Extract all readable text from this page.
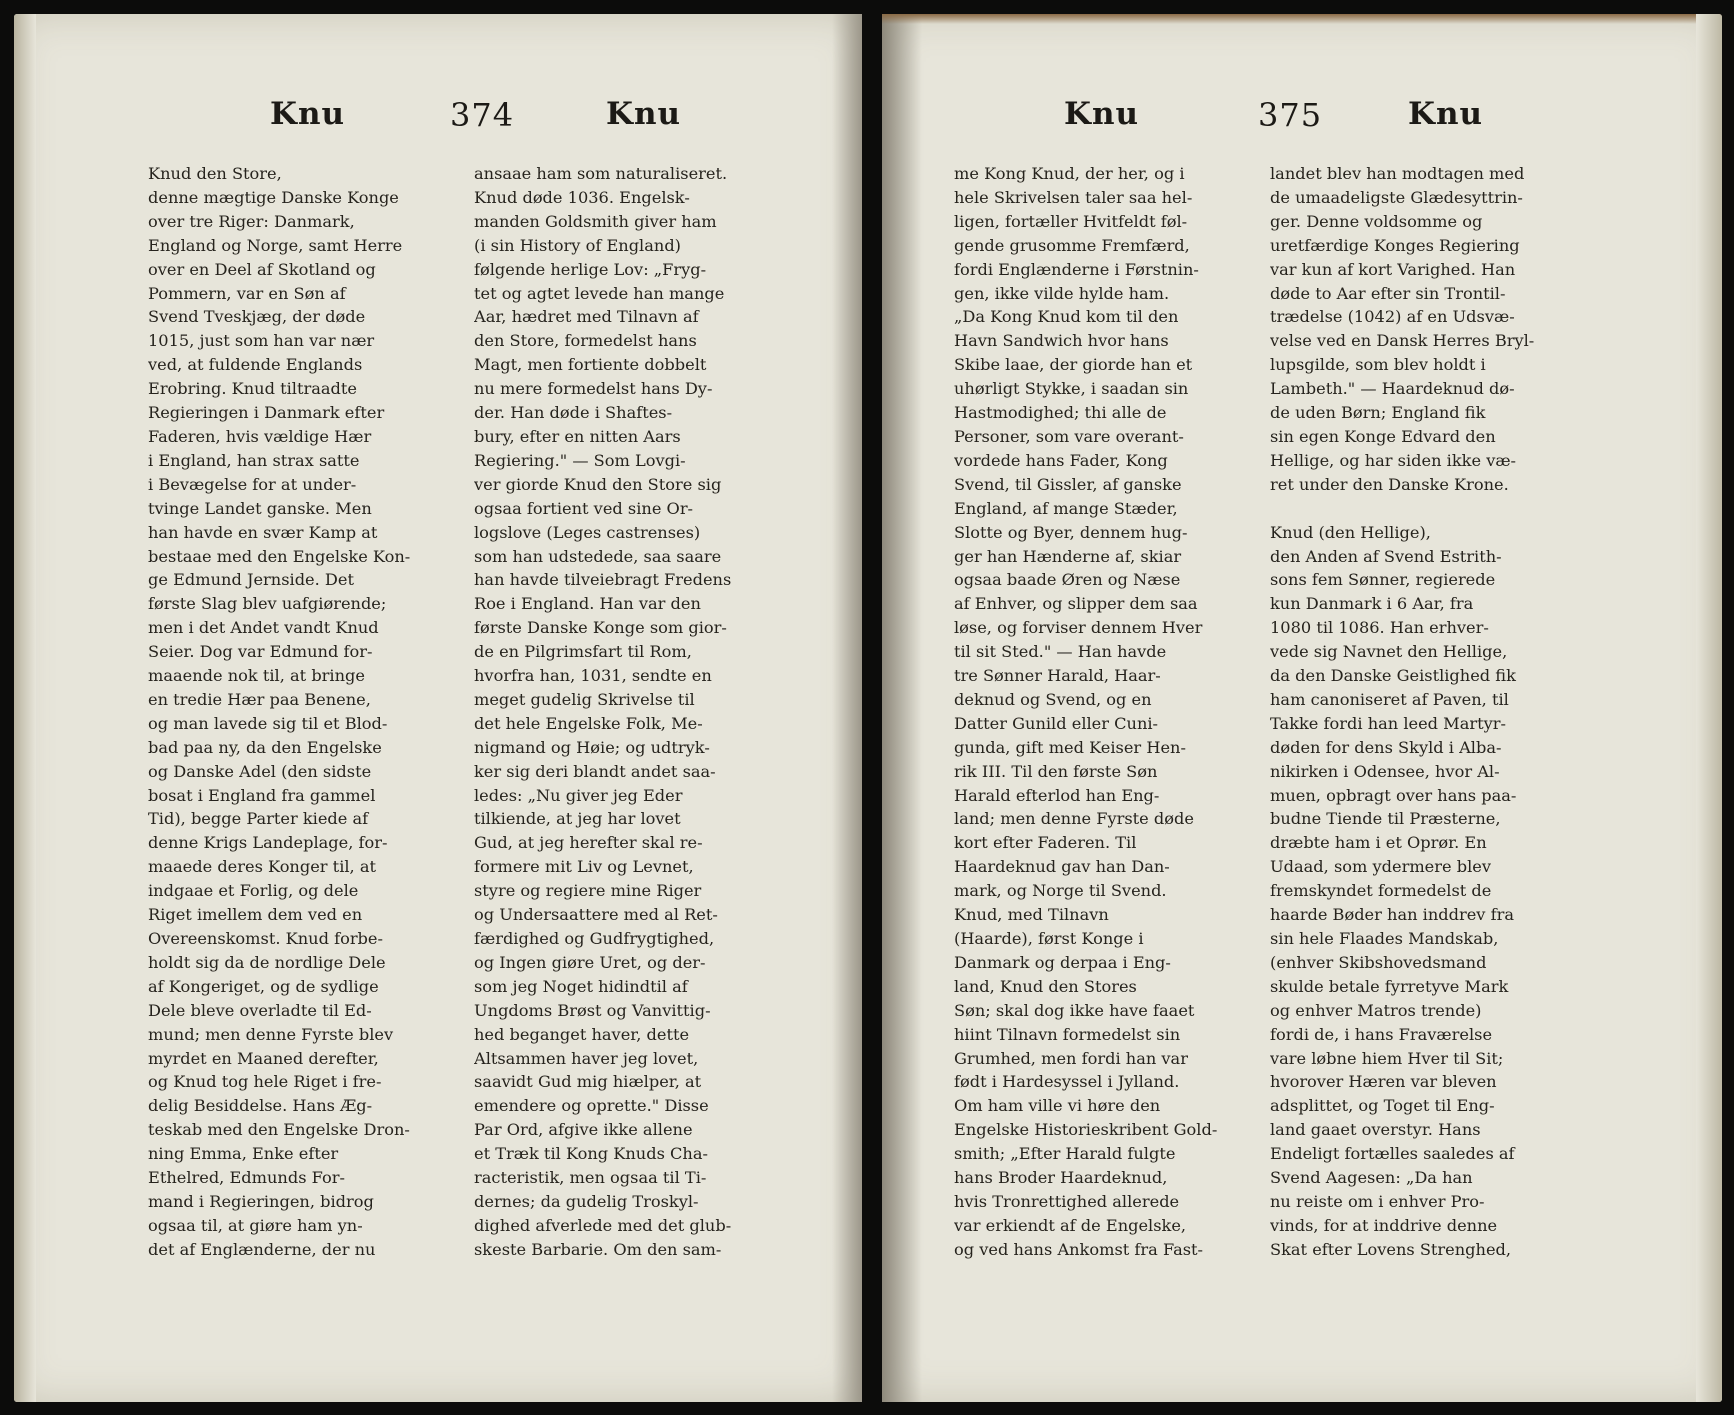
Knu	374	Knu
Knud den Store,
denne mægtige Danske Konge
over tre Riger: Danmark,
England og Norge, samt Herre
over en Deel af Skotland og
Pommern, var en Søn af
Svend Tveskjæg, der døde
1015, just som han var nær
ved, at fuldende Englands
Erobring. Knud tiltraadte
Regieringen i Danmark efter
Faderen, hvis vældige Hær
i England, han strax satte
i Bevægelse for at under-
tvinge Landet ganske. Men
han havde en svær Kamp at
bestaae med den Engelske Kon-
ge Edmund Jernside. Det
første Slag blev uafgiørende;
men i det Andet vandt Knud
Seier. Dog var Edmund for-
maaende nok til, at bringe
en tredie Hær paa Benene,
og man lavede sig til et Blod-
bad paa ny, da den Engelske
og Danske Adel (den sidste
bosat i England fra gammel
Tid), begge Parter kiede af
denne Krigs Landeplage, for-
maaede deres Konger til, at
indgaae et Forlig, og dele
Riget imellem dem ved en
Overeenskomst. Knud forbe-
holdt sig da de nordlige Dele
af Kongeriget, og de sydlige
Dele bleve overladte til Ed-
mund; men denne Fyrste blev
myrdet en Maaned derefter,
og Knud tog hele Riget i fre-
delig Besiddelse. Hans Æg-
teskab med den Engelske Dron-
ning Emma, Enke efter
Ethelred, Edmunds For-
mand i Regieringen, bidrog
ogsaa til, at giøre ham yn-
det af Englænderne, der nu
ansaae ham som naturaliseret.
Knud døde 1036. Engelsk-
manden Goldsmith giver ham
(i sin History of England)
følgende herlige Lov: „Fryg-
tet og agtet levede han mange
Aar, hædret med Tilnavn af
den Store, formedelst hans
Magt, men fortiente dobbelt
nu mere formedelst hans Dy-
der. Han døde i Shaftes-
bury, efter en nitten Aars
Regiering." — Som Lovgi-
ver giorde Knud den Store sig
ogsaa fortient ved sine Or-
logslove (Leges castrenses)
som han udstedede, saa saare
han havde tilveiebragt Fredens
Roe i England. Han var den
første Danske Konge som gior-
de en Pilgrimsfart til Rom,
hvorfra han, 1031, sendte en
meget gudelig Skrivelse til
det hele Engelske Folk, Me-
nigmand og Høie; og udtryk-
ker sig deri blandt andet saa-
ledes: „Nu giver jeg Eder
tilkiende, at jeg har lovet
Gud, at jeg herefter skal re-
formere mit Liv og Levnet,
styre og regiere mine Riger
og Undersaattere med al Ret-
færdighed og Gudfrygtighed,
og Ingen giøre Uret, og der-
som jeg Noget hidindtil af
Ungdoms Brøst og Vanvittig-
hed beganget haver, dette
Altsammen haver jeg lovet,
saavidt Gud mig hiælper, at
emendere og oprette." Disse
Par Ord, afgive ikke allene
et Træk til Kong Knuds Cha-
racteristik, men ogsaa til Ti-
dernes; da gudelig Troskyl-
dighed afverlede med det glub-
skeste Barbarie. Om den sam-
Knu	375	Knu
me Kong Knud, der her, og i
hele Skrivelsen taler saa hel-
ligen, fortæller Hvitfeldt føl-
gende grusomme Fremfærd,
fordi Englænderne i Førstnin-
gen, ikke vilde hylde ham.
„Da Kong Knud kom til den
Havn Sandwich hvor hans
Skibe laae, der giorde han et
uhørligt Stykke, i saadan sin
Hastmodighed; thi alle de
Personer, som vare overant-
vordede hans Fader, Kong
Svend, til Gissler, af ganske
England, af mange Stæder,
Slotte og Byer, dennem hug-
ger han Hænderne af, skiar
ogsaa baade Øren og Næse
af Enhver, og slipper dem saa
løse, og forviser dennem Hver
til sit Sted." — Han havde
tre Sønner Harald, Haar-
deknud og Svend, og en
Datter Gunild eller Cuni-
gunda, gift med Keiser Hen-
rik III. Til den første Søn
Harald efterlod han Eng-
land; men denne Fyrste døde
kort efter Faderen. Til
Haardeknud gav han Dan-
mark, og Norge til Svend.
Knud, med Tilnavn
(Haarde), først Konge i
Danmark og derpaa i Eng-
land, Knud den Stores
Søn; skal dog ikke have faaet
hiint Tilnavn formedelst sin
Grumhed, men fordi han var
født i Hardesyssel i Jylland.
Om ham ville vi høre den
Engelske Historieskribent Gold-
smith; „Efter Harald fulgte
hans Broder Haardeknud,
hvis Tronrettighed allerede
var erkiendt af de Engelske,
og ved hans Ankomst fra Fast-
landet blev han modtagen med
de umaadeligste Glædesyttrin-
ger. Denne voldsomme og
uretfærdige Konges Regiering
var kun af kort Varighed. Han
døde to Aar efter sin Trontil-
trædelse (1042) af en Udsvæ-
velse ved en Dansk Herres Bryl-
lupsgilde, som blev holdt i
Lambeth." — Haardeknud dø-
de uden Børn; England fik
sin egen Konge Edvard den
Hellige, og har siden ikke væ-
ret under den Danske Krone.

Knud (den Hellige),
den Anden af Svend Estrith-
sons fem Sønner, regierede
kun Danmark i 6 Aar, fra
1080 til 1086. Han erhver-
vede sig Navnet den Hellige,
da den Danske Geistlighed fik
ham canoniseret af Paven, til
Takke fordi han leed Martyr-
døden for dens Skyld i Alba-
nikirken i Odensee, hvor Al-
muen, opbragt over hans paa-
budne Tiende til Præsterne,
dræbte ham i et Oprør. En
Udaad, som ydermere blev
fremskyndet formedelst de
haarde Bøder han inddrev fra
sin hele Flaades Mandskab,
(enhver Skibshovedsmand
skulde betale fyrretyve Mark
og enhver Matros trende)
fordi de, i hans Fraværelse
vare løbne hiem Hver til Sit;
hvorover Hæren var bleven
adsplittet, og Toget til Eng-
land gaaet overstyr. Hans
Endeligt fortælles saaledes af
Svend Aagesen: „Da han
nu reiste om i enhver Pro-
vinds, for at inddrive denne
Skat efter Lovens Strenghed,
